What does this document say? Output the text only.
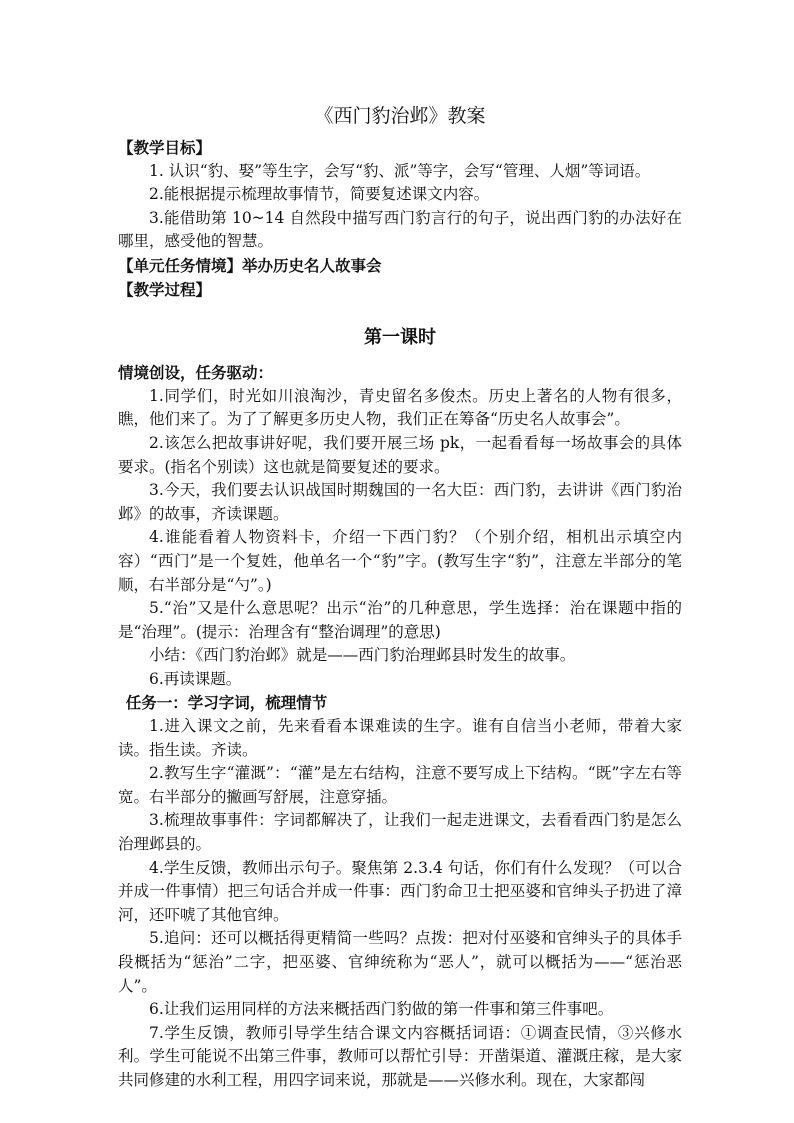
《西门豹治邺》教案

【教学目标】

1. 认识“豹、娶”等生字，会写“豹、派”等字，会写“管理、人烟”等词语。

2.能根据提示梳理故事情节，简要复述课文内容。

3.能借助第 10~14 自然段中描写西门豹言行的句子，说出西门豹的办法好在哪里，感受他的智慧。

【单元任务情境】举办历史名人故事会

【教学过程】

第一课时

情境创设，任务驱动：

1.同学们，时光如川浪淘沙，青史留名多俊杰。历史上著名的人物有很多，瞧，他们来了。为了了解更多历史人物，我们正在筹备“历史名人故事会”。

2.该怎么把故事讲好呢，我们要开展三场 pk，一起看看每一场故事会的具体要求。(指名个别读）这也就是简要复述的要求。

3.今天，我们要去认识战国时期魏国的一名大臣：西门豹，去讲讲《西门豹治邺》的故事，齐读课题。

4.谁能看着人物资料卡，介绍一下西门豹？（个别介绍，相机出示填空内容）“西门”是一个复姓，他单名一个“豹”字。(教写生字“豹”，注意左半部分的笔顺，右半部分是“勺”。)

5.“治”又是什么意思呢？出示“治”的几种意思，学生选择：治在课题中指的是“治理”。(提示：治理含有“整治调理”的意思)

小结：《西门豹治邺》就是——西门豹治理邺县时发生的故事。

6.再读课题。

任务一：学习字词，梳理情节

1.进入课文之前，先来看看本课难读的生字。谁有自信当小老师，带着大家读。指生读。齐读。

2.教写生字“灌溉”：“灌”是左右结构，注意不要写成上下结构。“既”字左右等宽。右半部分的撇画写舒展，注意穿插。

3.梳理故事事件：字词都解决了，让我们一起走进课文，去看看西门豹是怎么治理邺县的。

4.学生反馈，教师出示句子。聚焦第 2.3.4 句话，你们有什么发现？（可以合并成一件事情）把三句话合并成一件事：西门豹命卫士把巫婆和官绅头子扔进了漳河，还吓唬了其他官绅。

5.追问：还可以概括得更精简一些吗？点拨：把对付巫婆和官绅头子的具体手段概括为“惩治”二字，把巫婆、官绅统称为“恶人”，就可以概括为——“惩治恶人”。

6.让我们运用同样的方法来概括西门豹做的第一件事和第三件事吧。

7.学生反馈，教师引导学生结合课文内容概括词语：①调查民情，③兴修水利。学生可能说不出第三件事，教师可以帮忙引导：开凿渠道、灌溉庄稼，是大家共同修建的水利工程，用四字词来说，那就是——兴修水利。现在，大家都闯
